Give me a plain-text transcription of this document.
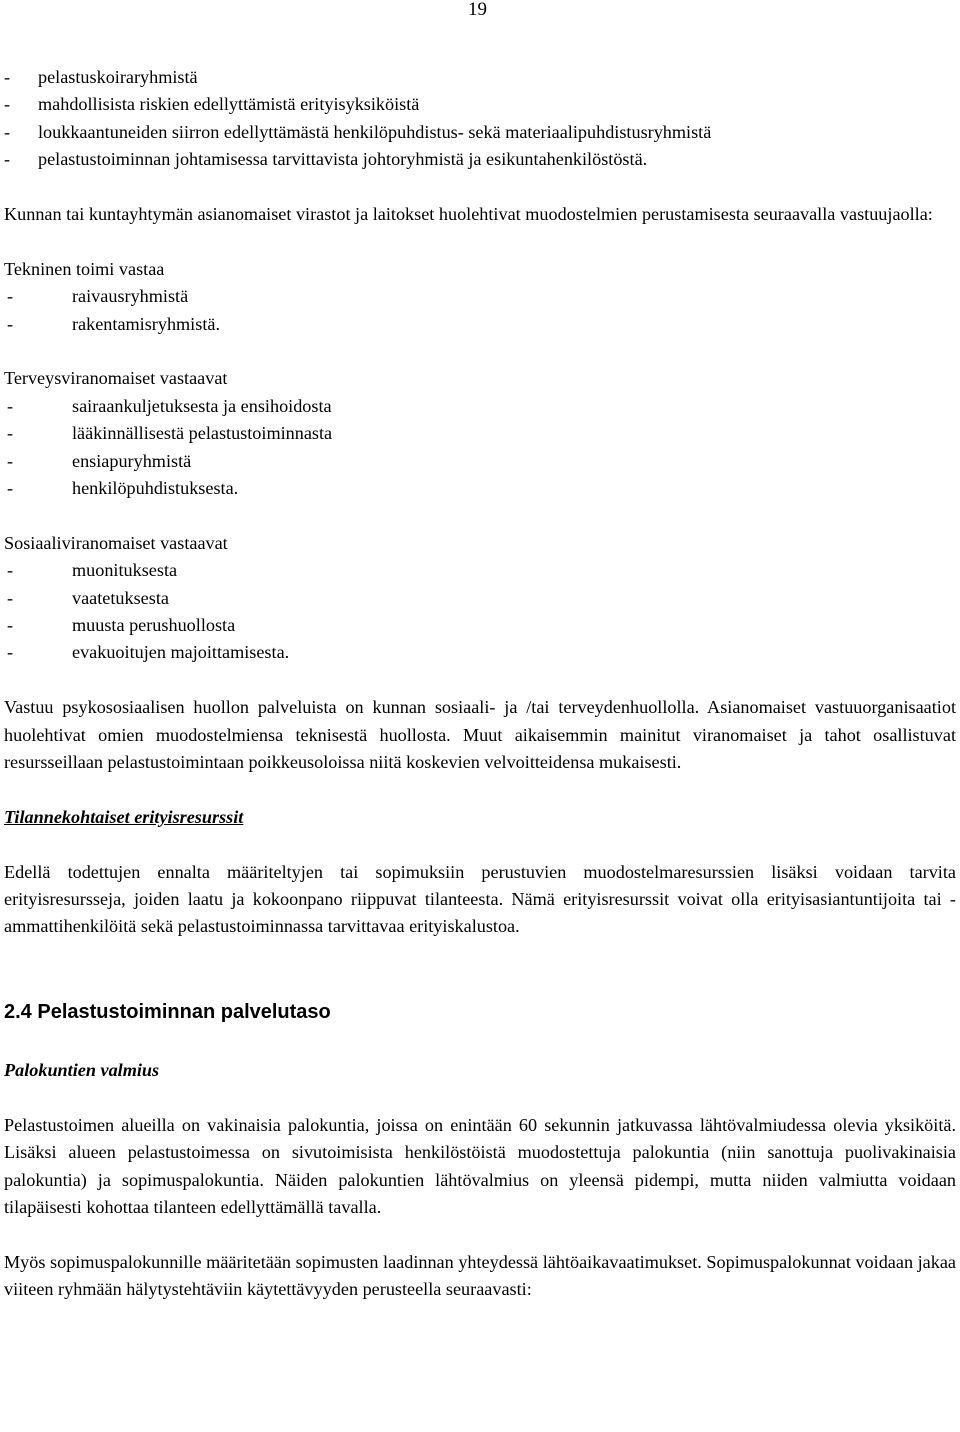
19
- pelastuskoiraryhmistä
- mahdollisista riskien edellyttämistä erityisyksiköistä
- loukkaantuneiden siirron edellyttämästä henkilöpuhdistus- sekä materiaalipuhdistusryhmistä
- pelastustoiminnan johtamisessa tarvittavista johtoryhmistä ja esikuntahenkilöstöstä.

Kunnan tai kuntayhtymän asianomaiset virastot ja laitokset huolehtivat muodostelmien perustamisesta seuraavalla vastuujaolla:

Tekninen toimi vastaa

-	raivausryhmistä
-	rakentamisryhmistä.

Terveysviranomaiset vastaavat

-	sairaankuljetuksesta ja ensihoidosta
-	lääkinnällisestä pelastustoiminnasta
-	ensiapuryhmistä
-	henkilöpuhdistuksesta.

Sosiaaliviranomaiset vastaavat

-	muonituksesta
-	vaatetuksesta
-	muusta perushuollosta
-	evakuoitujen majoittamisesta.

Vastuu psykososiaalisen huollon palveluista on kunnan sosiaali- ja /tai terveydenhuollolla. Asianomaiset vastuuorganisaatiot huolehtivat omien muodostelmiensa teknisestä huollosta. Muut aikaisemmin mainitut viranomaiset ja tahot osallistuvat resursseillaan pelastustoimintaan poikkeusoloissa niitä koskevien velvoitteidensa mukaisesti.

Tilannekohtaiset erityisresurssit

Edellä todettujen ennalta määriteltyjen tai sopimuksiin perustuvien muodostelmaresurssien lisäksi voidaan tarvita erityisresursseja, joiden laatu ja kokoonpano riippuvat tilanteesta. Nämä erityisresurssit voivat olla erityisasiantuntijoita tai -ammattihenkilöitä sekä pelastustoiminnassa tarvittavaa erityiskalustoa.

2.4 Pelastustoiminnan palvelutaso

Palokuntien valmius

Pelastustoimen alueilla on vakinaisia palokuntia, joissa on enintään 60 sekunnin jatkuvassa lähtövalmiudessa olevia yksiköitä. Lisäksi alueen pelastustoimessa on sivutoimisista henkilöstöistä muodostettuja palokuntia (niin sanottuja puolivakinaisia palokuntia) ja sopimuspalokuntia. Näiden palokuntien lähtövalmius on yleensä pidempi, mutta niiden valmiutta voidaan tilapäisesti kohottaa tilanteen edellyttämällä tavalla.

Myös sopimuspalokunnille määritetään sopimusten laadinnan yhteydessä lähtöaikavaatimukset. Sopimuspalokunnat voidaan jakaa viiteen ryhmään hälytystehtäviin käytettävyyden perusteella seuraavasti:
